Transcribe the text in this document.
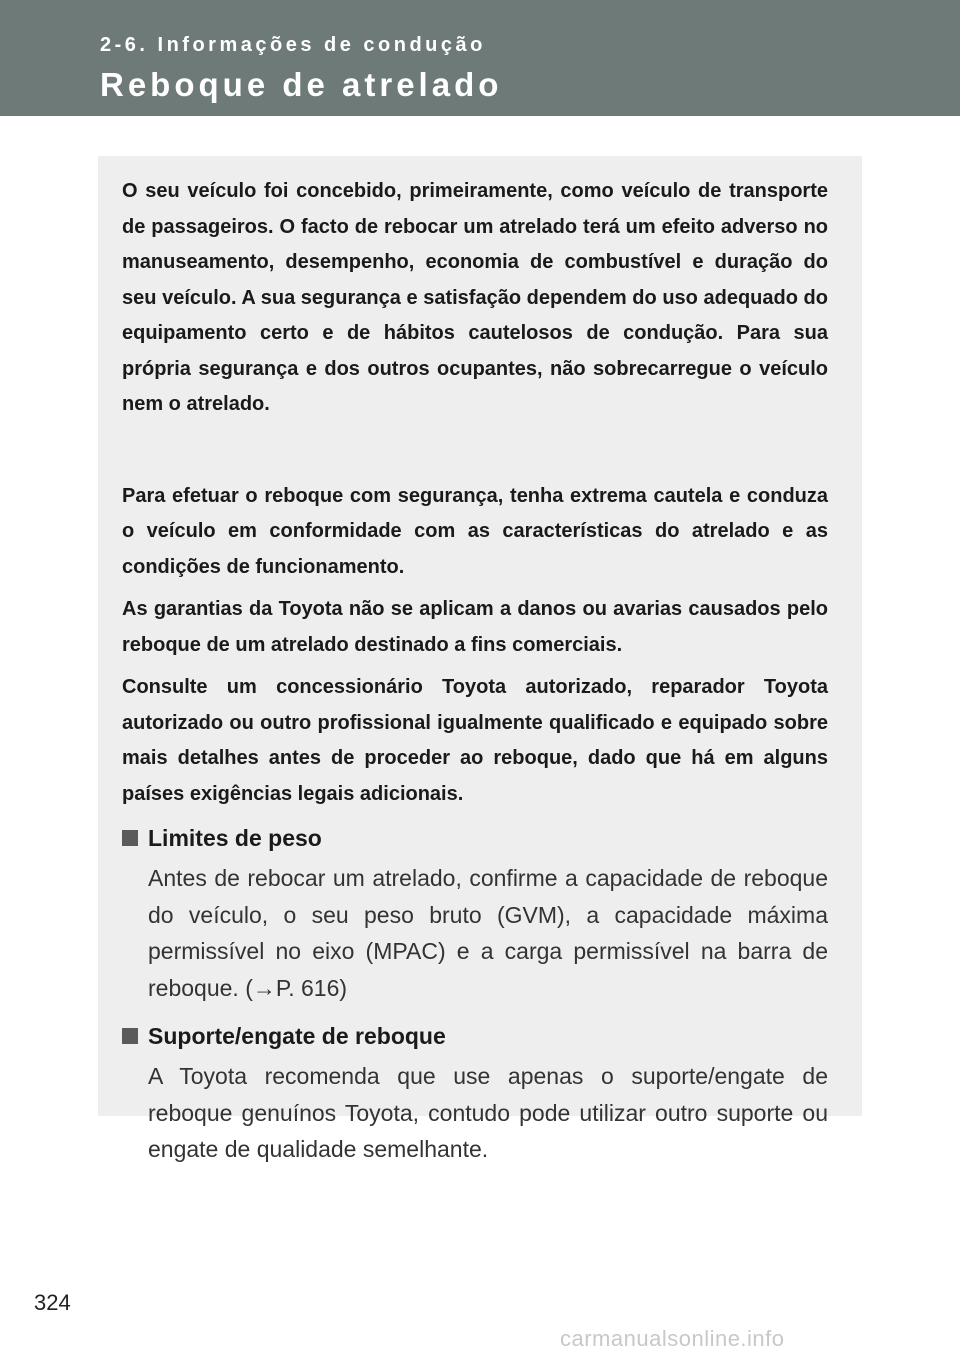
2-6. Informações de condução
Reboque de atrelado

O seu veículo foi concebido, primeiramente, como veículo de transporte de passageiros. O facto de rebocar um atrelado terá um efeito adverso no manuseamento, desempenho, economia de combustível e duração do seu veículo. A sua segurança e satisfação dependem do uso adequado do equipamento certo e de hábitos cautelosos de condução. Para sua própria segurança e dos outros ocupantes, não sobrecarregue o veículo nem o atrelado.

Para efetuar o reboque com segurança, tenha extrema cautela e conduza o veículo em conformidade com as características do atrelado e as condições de funcionamento.

As garantias da Toyota não se aplicam a danos ou avarias causados pelo reboque de um atrelado destinado a fins comerciais.

Consulte um concessionário Toyota autorizado, reparador Toyota autorizado ou outro profissional igualmente qualificado e equipado sobre mais detalhes antes de proceder ao reboque, dado que há em alguns países exigências legais adicionais.

Limites de peso

Antes de rebocar um atrelado, confirme a capacidade de reboque do veículo, o seu peso bruto (GVM), a capacidade máxima permissível no eixo (MPAC) e a carga permissível na barra de reboque. (→P. 616)

Suporte/engate de reboque

A Toyota recomenda que use apenas o suporte/engate de reboque genuínos Toyota, contudo pode utilizar outro suporte ou engate de qualidade semelhante.

324
carmanualsonline.info
